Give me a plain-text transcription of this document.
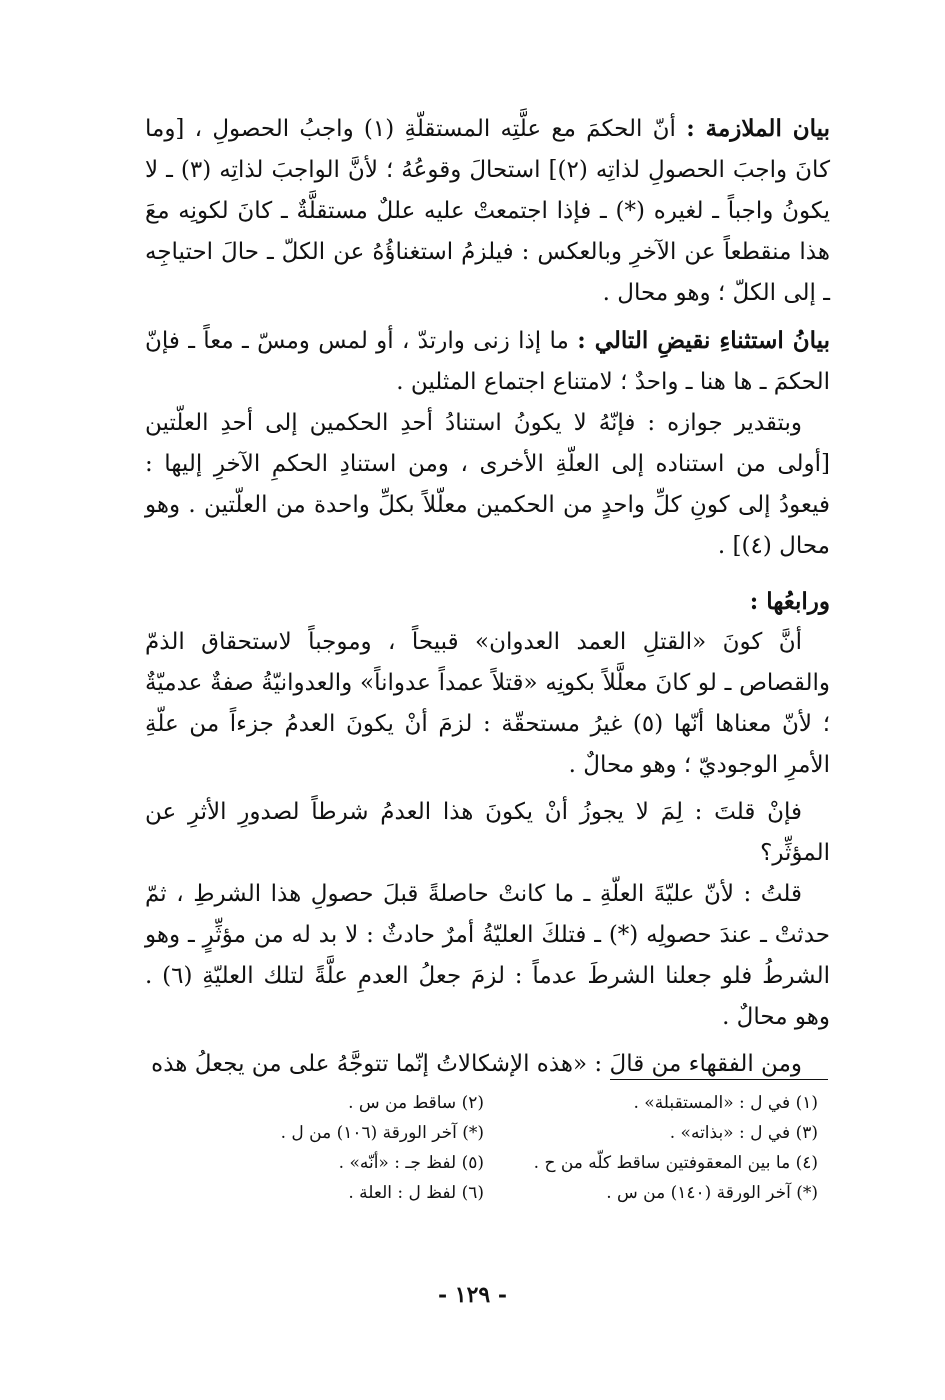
بيان الملازمة : أنّ الحكمَ مع علَّتِه المستقلّةِ (١) واجبُ الحصولِ ، [وما كانَ واجبَ الحصولِ لذاتِه (٢)] استحالَ وقوعُهُ ؛ لأنَّ الواجبَ لذاتِه (٣) ـ لا يكونُ واجباً ـ لغيره (*) ـ فإذا اجتمعتْ عليه عللٌ مستقلَّةٌ ـ كانَ لكونِه معَ هذا منقطعاً عن الآخرِ وبالعكس : فيلزمُ استغناؤُهُ عن الكلّ ـ حالَ احتياجِه ـ إلى الكلّ ؛ وهو محال .

بيانُ استثناءِ نقيضِ التالي : ما إذا زنى وارتدّ ، أو لمس ومسّ ـ معاً ـ فإنّ الحكمَ ـ ها هنا ـ واحدٌ ؛ لامتناع اجتماع المثلين .

وبتقدير جوازه : فإنّهُ لا يكونُ استنادُ أحدِ الحكمين إلى أحدِ العلّتين [أولى من استناده إلى العلّةِ الأخرى ، ومن استنادِ الحكمِ الآخرِ إليها : فيعودُ إلى كونِ كلِّ واحدٍ من الحكمين معلّلاً بكلِّ واحدة من العلّتين . وهو محال (٤)] .

ورابعُها :

أنَّ كونَ «القتلِ العمد العدوان» قبيحاً ، وموجباً لاستحقاق الذمّ والقصاص ـ لو كانَ معلَّلاً بكونِه «قتلاً عمداً عدواناً» والعدوانيّةُ صفةٌ عدميّةٌ ؛ لأنّ معناها أنّها (٥) غيرُ مستحقّة : لزمَ أنْ يكونَ العدمُ جزءاً من علّةِ الأمرِ الوجوديّ ؛ وهو محالٌ .

فإنْ قلتَ : لِمَ لا يجوزُ أنْ يكونَ هذا العدمُ شرطاً لصدورِ الأثرِ عن المؤثِّر؟

قلتُ : لأنّ عليّةَ العلّةِ ـ ما كانتْ حاصلةً قبلَ حصولِ هذا الشرطِ ، ثمّ حدثتْ ـ عندَ حصولِه (*) ـ فتلكَ العليّةُ أمرٌ حادثٌ : لا بد له من مؤثِّرٍ ـ وهو الشرطُ فلو جعلنا الشرطَ عدماً : لزمَ جعلُ العدمِ علَّةً لتلك العليّةِ (٦) . وهو محالٌ .

ومن الفقهاء من قالَ : «هذه الإشكالاتُ إنّما تتوجَّهُ على من يجعلُ هذه

(١) في ل : «المستقبلة» .
(٢) ساقط من س .
(٣) في ل : «بذاته» .
(*) آخر الورقة (١٠٦) من ل .
(٤) ما بين المعقوفتين ساقط كلّه من ح .
(٥) لفظ جـ : «أنّه» .
(*) آخر الورقة (١٤٠) من س .
(٦) لفظ ل : العلة .
- ١٢٩ -
